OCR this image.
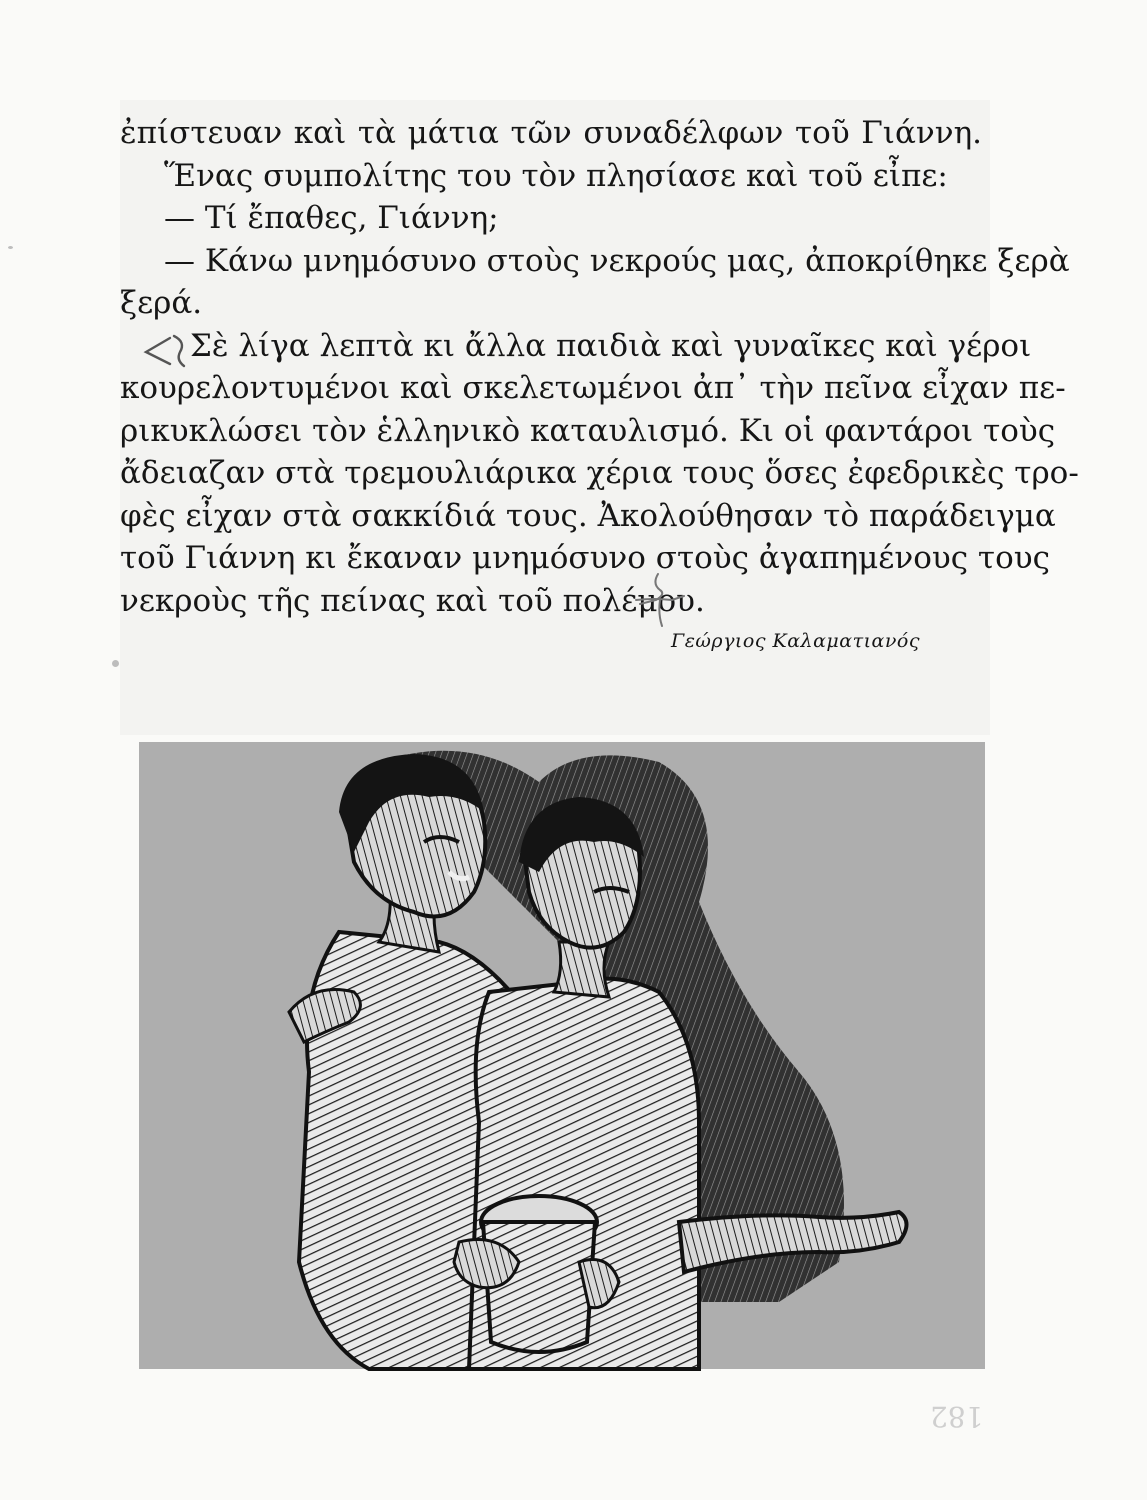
ἐπίστευαν καὶ τὰ μάτια τῶν συναδέλφων τοῦ Γιάννη.
Ἕνας συμπολίτης του τὸν πλησίασε καὶ τοῦ εἶπε:
— Τί ἔπαθες, Γιάννη;
— Κάνω μνημόσυνο στοὺς νεκρούς μας, ἀποκρίθηκε ξερὰ
ξερά.
Σὲ λίγα λεπτὰ κι ἄλλα παιδιὰ καὶ γυναῖκες καὶ γέροι
κουρελοντυμένοι καὶ σκελετωμένοι ἀπ᾽ τὴν πεῖνα εἶχαν πε-
ρικυκλώσει τὸν ἑλληνικὸ καταυλισμό. Κι οἱ φαντάροι τοὺς
ἄδειαζαν στὰ τρεμουλιάρικα χέρια τους ὅσες ἐφεδρικὲς τρο-
φὲς εἶχαν στὰ σακκίδιά τους. Ἀκολούθησαν τὸ παράδειγμα
τοῦ Γιάννη κι ἔκαναν μνημόσυνο στοὺς ἀγαπημένους τους
νεκροὺς τῆς πείνας καὶ τοῦ πολέμου.
Γεώργιος Καλαματιανός
182
